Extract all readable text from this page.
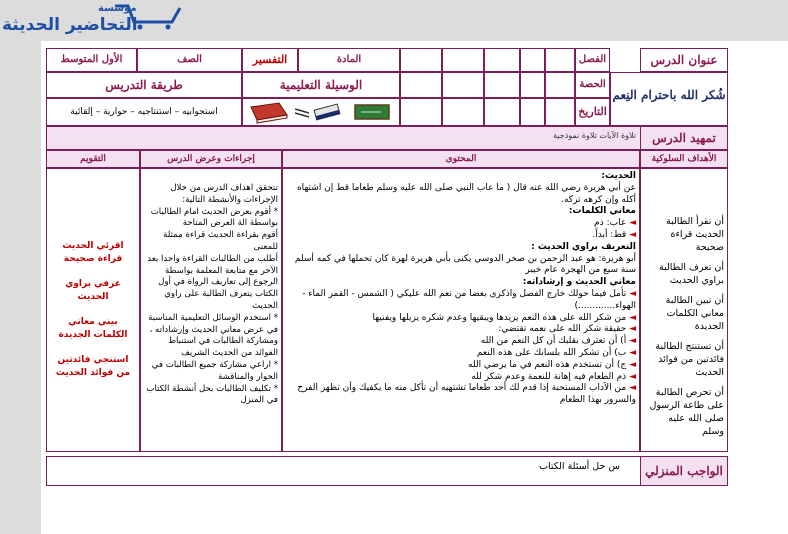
مؤسسة
التحاضير الحديثة
عنوان الدرس
شُكر الله باحترام النِعم
الفصل
المادة
التفسير
الصف
الأول المتوسط
الحصة
الوسيلة التعليمية
طريقة التدريس
التاريخ
استجوابيه – استنتاجيه – حوارية – إلقائية
تمهيد الدرس
تلاوة الآيات تلاوة نموذجية
الأهداف السلوكية
المحتوى
إجراءات وعرض الدرس
التقويم

أن تقرأ الطالبة الحديث قراءة صحيحة

أن تعرف الطالبة براوي الحديث

أن تبين الطالبة معاني الكلمات الجديدة

أن تستنتج الطالبة فائدتين من فوائد الحديث

أن تحرص الطالبة على طاعة الرسول صلى الله عليه وسلم

الحديث:

عن أبي هريرة رضي الله عنه قال ( ما عاب النبي صلى الله عليه وسلم طعاما قط إن اشتهاه أكله وإن كرهه تركه.

معاني الكلمات:

◄ عاب: ذم

◄ قط: أبداً.

التعريف براوي الحديث :

أبو هريرة: هو عبد الرحمن بن صخر الدوسي يكنى بأبي هريرة لهرة كان تحملها في كمه أسلم سنة سبع من الهجرة عام خيبر

معاني الحديث و إرشاداته:

◄ تأمل فيما حولك خارج الفصل واذكري بعضا من نعم الله عليكي ( الشمس - القمر الماء - الهواء.............)

◄ من شكر الله على هذه النعم يزيدها ويبقيها وعدم شكره يزيلها ويفنيها

◄ حقيقة شكر الله على نعمه تقتضي:

◄ أ) أن تعترف بقلبك أن كل النعم من الله

◄ ب) أن تشكر الله بلسانك على هذه النعم

◄ ج) أن تستخدم هذه النعم في ما يرضي الله

◄ ذم الطعام فيه إهانة للنعمة وعدم شكر لله

◄ من الآداب المستحبة إذا قدم لك أحد طعاما تشتهيه أن تأكل منه ما يكفيك وأن تظهر الفرح والسرور بهذا الطعام

تتحقق اهداف الدرس من خلال الإجراءات والأنشطة التالية:

* أقوم بعرض الحديث امام الطالبات بواسطة الة العرض المتاحة

أقوم بقراءة الحديث قراءة ممثلة للمعنى

أطلب من الطالبات القراءة واحدا بعد الآخر مع متابعة المعلمة بواسطة الرجوع إلى تعاريف الرواة في أول الكتاب يتعرف الطالبة على راوي الحديث

* استخدم الوسائل التعليمية المناسبة في عرض معاني الحديث وإرشاداته ، ومشاركة الطالبات في استنباط الفوائد من الحديث الشريف

* اراعي مشاركة جميع الطالبات في الحوار والمناقشة

* تكليف الطالبات بحل أنشطة الكتاب في المنزل

اقرئي الحديث قراءة صحيحة

عرفي براوي الحديث

بيني معاني الكلمات الجديدة

استنجي فائدتين من فوائد الحديث

الواجب المنزلي
س حل أسئلة الكتاب
